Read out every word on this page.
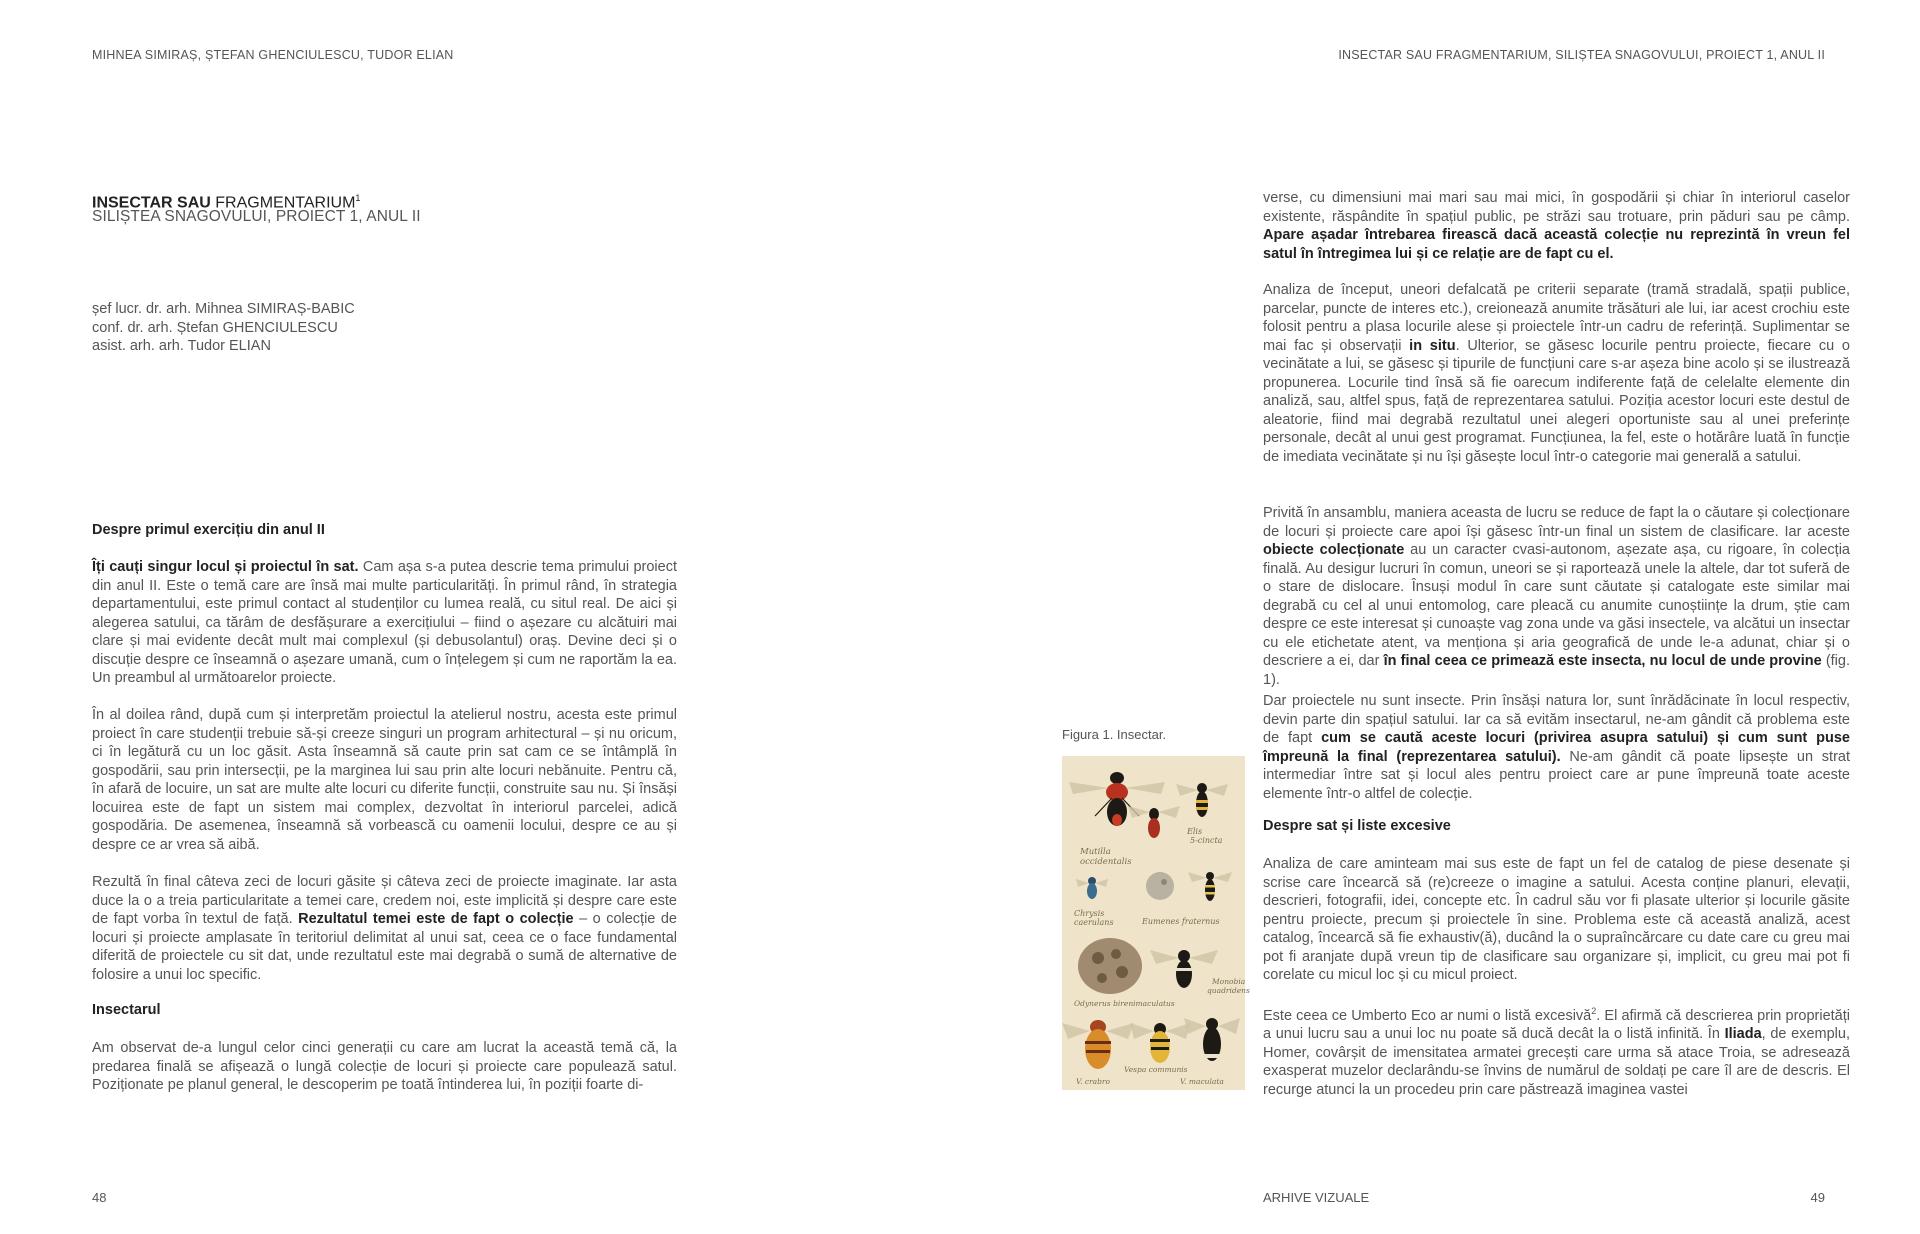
MIHNEA SIMIRAȘ, ȘTEFAN GHENCIULESCU, TUDOR ELIAN	INSECTAR SAU FRAGMENTARIUM, SILIȘTEA SNAGOVULUI, PROIECT 1, ANUL II
INSECTAR SAU FRAGMENTARIUM$^1$
SILIȘTEA SNAGOVULUI, PROIECT 1, ANUL II
șef lucr. dr. arh. Mihnea SIMIRAȘ-BABIC
conf. dr. arh. Ștefan GHENCIULESCU
asist. arh. arh. Tudor ELIAN
Despre primul exercițiu din anul II
Îți cauți singur locul și proiectul în sat. Cam așa s-a putea descrie tema primului proiect din anul II. Este o temă care are însă mai multe particularități. În primul rând, în strategia departamentului, este primul contact al studenților cu lumea reală, cu situl real. De aici și alegerea satului, ca tărâm de desfășurare a exercițiului – fiind o așezare cu alcătuiri mai clare și mai evidente decât mult mai complexul (și debusolantul) oraș. Devine deci și o discuție despre ce înseamnă o așezare umană, cum o înțelegem și cum ne raportăm la ea. Un preambul al următoarelor proiecte.
În al doilea rând, după cum și interpretăm proiectul la atelierul nostru, acesta este primul proiect în care studenții trebuie să-și creeze singuri un program arhitectural – și nu oricum, ci în legătură cu un loc găsit. Asta înseamnă să caute prin sat cam ce se întâmplă în gospodării, sau prin intersecții, pe la marginea lui sau prin alte locuri nebănuite. Pentru că, în afară de locuire, un sat are multe alte locuri cu diferite funcții, construite sau nu. Și însăși locuirea este de fapt un sistem mai complex, dezvoltat în interiorul parcelei, adică gospodăria. De asemenea, înseamnă să vorbească cu oamenii locului, despre ce au și despre ce ar vrea să aibă.
Rezultă în final câteva zeci de locuri găsite și câteva zeci de proiecte imaginate. Iar asta duce la o a treia particularitate a temei care, credem noi, este implicită și despre care este de fapt vorba în textul de față. Rezultatul temei este de fapt o colecție – o colecție de locuri și proiecte amplasate în teritoriul delimitat al unui sat, ceea ce o face fundamental diferită de proiectele cu sit dat, unde rezultatul este mai degrabă o sumă de alternative de folosire a unui loc specific.
Insectarul
Am observat de-a lungul celor cinci generații cu care am lucrat la această temă că, la predarea finală se afișează o lungă colecție de locuri și proiecte care populează satul. Poziționate pe planul general, le descoperim pe toată întinderea lui, în poziții foarte di-
Figura 1. Insectar.
Mutilla
occidentalis
Elis
5-cincta
Chrysis
caerulans	Eumenes fraternus
Monobia
quadridens
Odynerus birenimaculatus
Vespa communis
V. crabro	V. maculata
verse, cu dimensiuni mai mari sau mai mici, în gospodării și chiar în interiorul caselor existente, răspândite în spațiul public, pe străzi sau trotuare, prin păduri sau pe câmp. Apare așadar întrebarea firească dacă această colecție nu reprezintă în vreun fel satul în întregimea lui și ce relație are de fapt cu el.
Analiza de început, uneori defalcată pe criterii separate (tramă stradală, spații publice, parcelar, puncte de interes etc.), creionează anumite trăsături ale lui, iar acest crochiu este folosit pentru a plasa locurile alese și proiectele într-un cadru de referință. Suplimentar se mai fac și observații in situ. Ulterior, se găsesc locurile pentru proiecte, fiecare cu o vecinătate a lui, se găsesc și tipurile de funcțiuni care s-ar așeza bine acolo și se ilustrează propunerea. Locurile tind însă să fie oarecum indiferente față de celelalte elemente din analiză, sau, altfel spus, față de reprezentarea satului. Poziția acestor locuri este destul de aleatorie, fiind mai degrabă rezultatul unei alegeri oportuniste sau al unei preferințe personale, decât al unui gest programat. Funcțiunea, la fel, este o hotărâre luată în funcție de imediata vecinătate și nu își găsește locul într-o categorie mai generală a satului.
Privită în ansamblu, maniera aceasta de lucru se reduce de fapt la o căutare și colecționare de locuri și proiecte care apoi își găsesc într-un final un sistem de clasificare. Iar aceste obiecte colecționate au un caracter cvasi-autonom, așezate așa, cu rigoare, în colecția finală. Au desigur lucruri în comun, uneori se și raportează unele la altele, dar tot suferă de o stare de dislocare. Însuși modul în care sunt căutate și catalogate este similar mai degrabă cu cel al unui entomolog, care pleacă cu anumite cunoștiințe la drum, știe cam despre ce este interesat și cunoaște vag zona unde va găsi insectele, va alcătui un insectar cu ele etichetate atent, va menționa și aria geografică de unde le-a adunat, chiar și o descriere a ei, dar în final ceea ce primează este insecta, nu locul de unde provine (fig. 1).
Dar proiectele nu sunt insecte. Prin însăși natura lor, sunt înrădăcinate în locul respectiv, devin parte din spațiul satului. Iar ca să evităm insectarul, ne-am gândit că problema este de fapt cum se caută aceste locuri (privirea asupra satului) și cum sunt puse împreună la final (reprezentarea satului). Ne-am gândit că poate lipsește un strat intermediar între sat și locul ales pentru proiect care ar pune împreună toate aceste elemente într-o altfel de colecție.
Despre sat și liste excesive
Analiza de care aminteam mai sus este de fapt un fel de catalog de piese desenate și scrise care încearcă să (re)creeze o imagine a satului. Acesta conține planuri, elevații, descrieri, fotografii, idei, concepte etc. În cadrul său vor fi plasate ulterior și locurile găsite pentru proiecte, precum și proiectele în sine. Problema este că această analiză, acest catalog, încearcă să fie exhaustiv(ă), ducând la o supraîncărcare cu date care cu greu mai pot fi aranjate după vreun tip de clasificare sau organizare și, implicit, cu greu mai pot fi corelate cu micul loc și cu micul proiect.
Este ceea ce Umberto Eco ar numi o listă excesivă$^2$. El afirmă că descrierea prin proprietăți a unui lucru sau a unui loc nu poate să ducă decât la o listă infinită. În Iliada, de exemplu, Homer, covârșit de imensitatea armatei grecești care urma să atace Troia, se adresează exasperat muzelor declarându-se învins de numărul de soldați pe care îl are de descris. El recurge atunci la un procedeu prin care păstrează imaginea vastei
48	ARHIVE VIZUALE	49
